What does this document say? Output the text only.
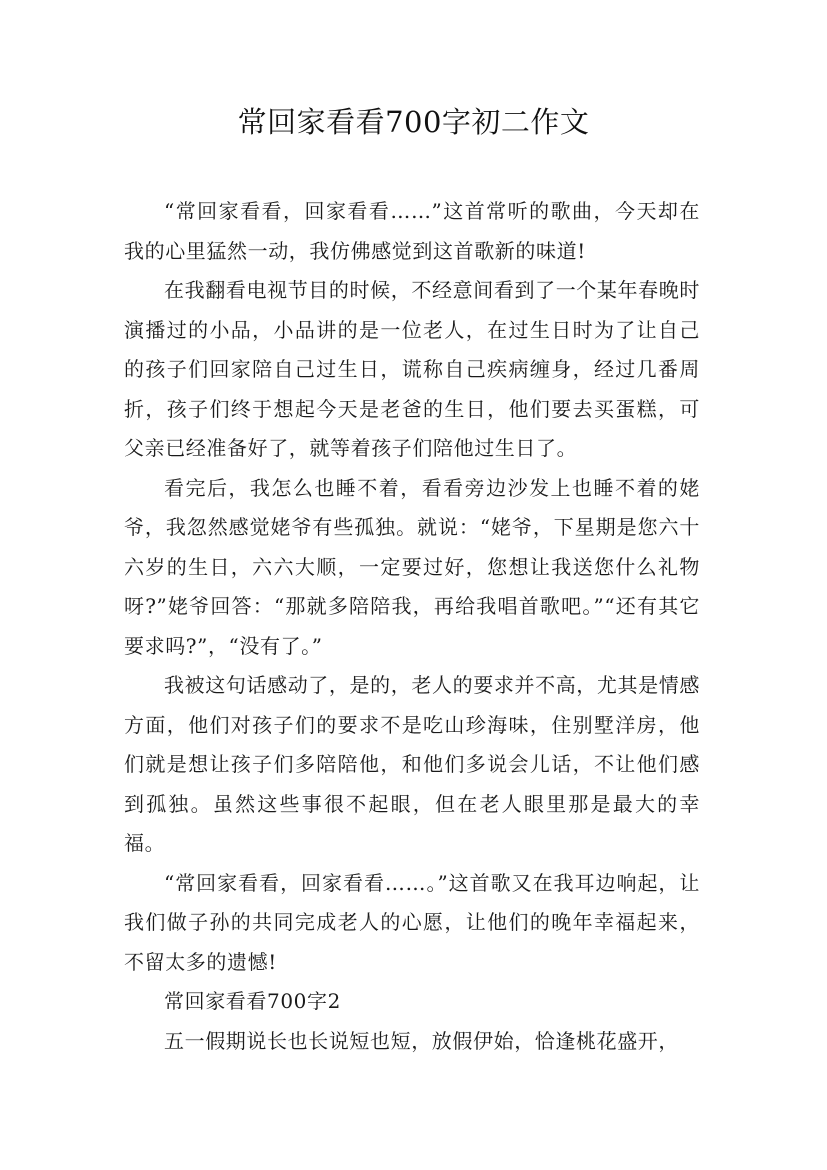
常回家看看700字初二作文

“常回家看看，回家看看……”这首常听的歌曲，今天却在我的心里猛然一动，我仿佛感觉到这首歌新的味道!

在我翻看电视节目的时候，不经意间看到了一个某年春晚时演播过的小品，小品讲的是一位老人，在过生日时为了让自己的孩子们回家陪自己过生日，谎称自己疾病缠身，经过几番周折，孩子们终于想起今天是老爸的生日，他们要去买蛋糕，可父亲已经准备好了，就等着孩子们陪他过生日了。

看完后，我怎么也睡不着，看看旁边沙发上也睡不着的姥爷，我忽然感觉姥爷有些孤独。就说：“姥爷，下星期是您六十六岁的生日，六六大顺，一定要过好，您想让我送您什么礼物呀?”姥爷回答：“那就多陪陪我，再给我唱首歌吧。”“还有其它要求吗?”，“没有了。”

我被这句话感动了，是的，老人的要求并不高，尤其是情感方面，他们对孩子们的要求不是吃山珍海味，住别墅洋房，他们就是想让孩子们多陪陪他，和他们多说会儿话，不让他们感到孤独。虽然这些事很不起眼，但在老人眼里那是最大的幸福。

“常回家看看，回家看看……。”这首歌又在我耳边响起，让我们做子孙的共同完成老人的心愿，让他们的晚年幸福起来，不留太多的遗憾!

常回家看看700字2

五一假期说长也长说短也短，放假伊始，恰逢桃花盛开，
